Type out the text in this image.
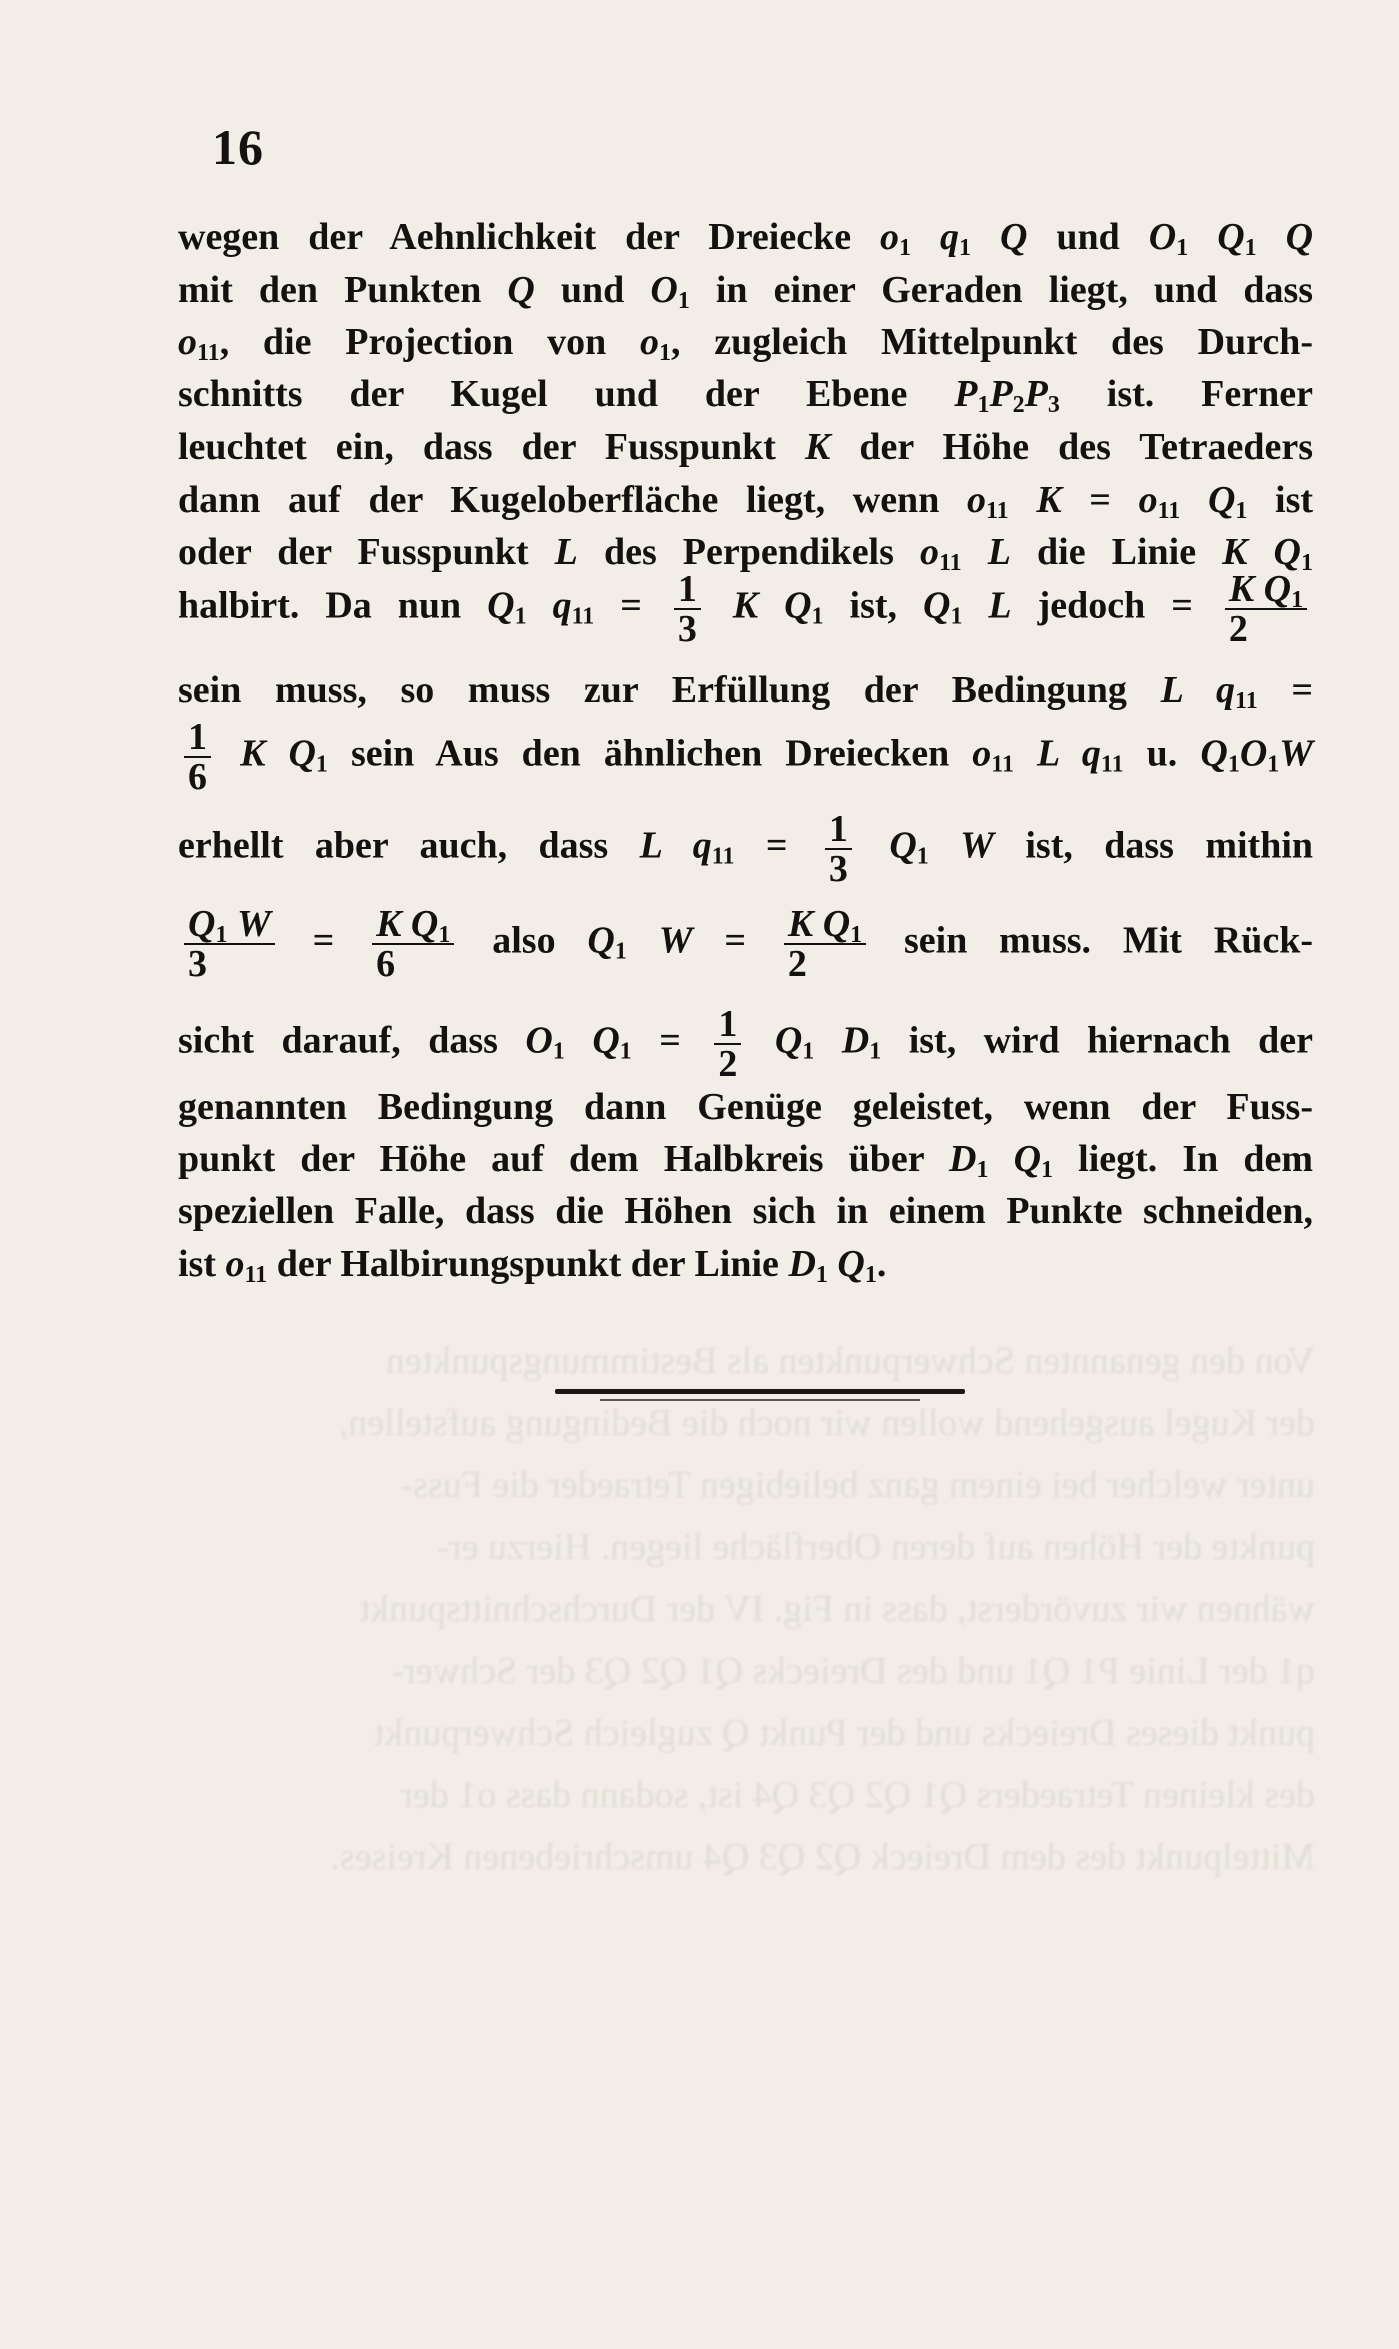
Von den genannten Schwerpunkten als Bestimmungspunkten

der Kugel ausgehend wollen wir noch die Bedingung aufstellen,

unter welcher bei einem ganz beliebigen Tetraeder die Fuss-

punkte der Höhen auf deren Oberfläche liegen. Hierzu er-

wähnen wir zuvörderst, dass in Fig. IV der Durchschnittspunkt

q1 der Linie P1 Q1 und des Dreiecks Q1 Q2 Q3 der Schwer-

punkt dieses Dreiecks und der Punkt Q zugleich Schwerpunkt

des kleinen Tetraeders Q1 Q2 Q3 Q4 ist, sodann dass o1 der

Mittelpunkt des dem Dreieck Q2 Q3 Q4 umschriebenen Kreises.

16
wegen der Aehnlichkeit der Dreiecke $o_1$ $q_1$ Q und $O_1$ $Q_1$ Q
mit den Punkten Q und $O_1$ in einer Geraden liegt, und dass
$o_{11}$, die Projection von $o_1$, zugleich Mittelpunkt des Durch-
schnitts der Kugel und der Ebene $P_1P_2P_3$ ist. Ferner
leuchtet ein, dass der Fusspunkt K der Höhe des Tetraeders
dann auf der Kugeloberfläche liegt, wenn $o_{11}$ $K = o_{11}$ $Q_1$ ist
oder der Fusspunkt L des Perpendikels $o_{11}$ L die Linie K $Q_1$
halbirt. Da nun $Q_1$ $q_{11} = \frac{1}{3}$ K $Q_1$ ist, $Q_1$ L jedoch = $\frac{K Q_1}{2}$
sein muss, so muss zur Erfüllung der Bedingung L $q_{11}$ =
$\frac{1}{6}$ K $Q_1$ sein Aus den ähnlichen Dreiecken $o_{11}$ L $q_{11}$ u. $Q_1O_1W$
erhellt aber auch, dass L $q_{11} = \frac{1}{3} Q_1$ W ist, dass mithin
$\frac{Q_1 W}{3} = \frac{K Q_1}{6}$ also $Q_1$ $W = \frac{K Q_1}{2}$ sein muss. Mit Rück-
sicht darauf, dass $O_1$ $Q_1 = \frac{1}{2} Q_1$ $D_1$ ist, wird hiernach der
genannten Bedingung dann Genüge geleistet, wenn der Fuss-
punkt der Höhe auf dem Halbkreis über $D_1$ $Q_1$ liegt. In dem
speziellen Falle, dass die Höhen sich in einem Punkte schneiden,
ist $o_{11}$ der Halbirungspunkt der Linie $D_1$ $Q_1$.
